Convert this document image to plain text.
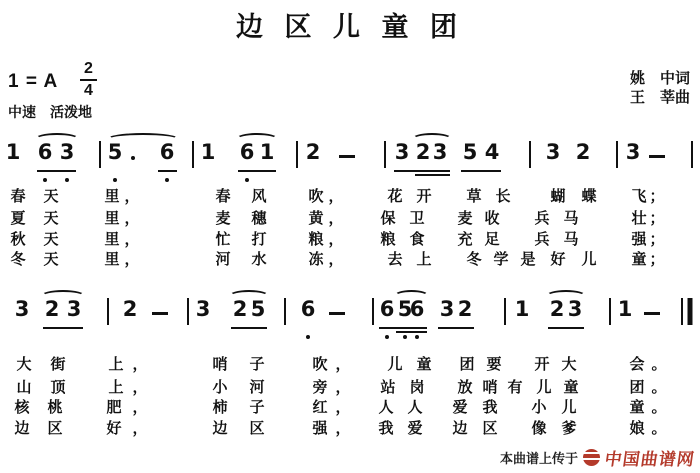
边 区 儿 童 团
1 = A $\frac{2}{4}$
中速　活泼地
姚　中词
王　莘曲
1 6 3 5 6 1 6 1 2	3 2 3 5 4 3 2 3
3 2 3 2	3 2 5 6	6 5
6 3 2 1 2 3 1
春 天	里 ，	春 风	吹 ，	花 开 草 长	蝴 蝶 飞 ；
夏 天	里 ，	麦 穗	黄 ， 保 卫 麦 收 兵 马	壮 ；
秋 天	里 ，	忙 打	粮 ， 粮 食 充 足 兵 马	强 ；
冬 天	里 ，	河 水	冻 ，	去 上 冬 学 是 好 儿 童 ；
大 街	上 ，	哨 子	吹 ， 儿 童 团 要 开 大	会 。
山 顶	上 ，	小 河	旁 ， 站 岗 放 哨 有 儿 童	团 。
核 桃	肥 ，	柿 子	红 ， 人 人 爱 我 小 儿	童 。
边 区	好 ，	边 区	强 ， 我 爱 边 区 像 爹	娘 。
本曲谱上传于 中国曲谱网
